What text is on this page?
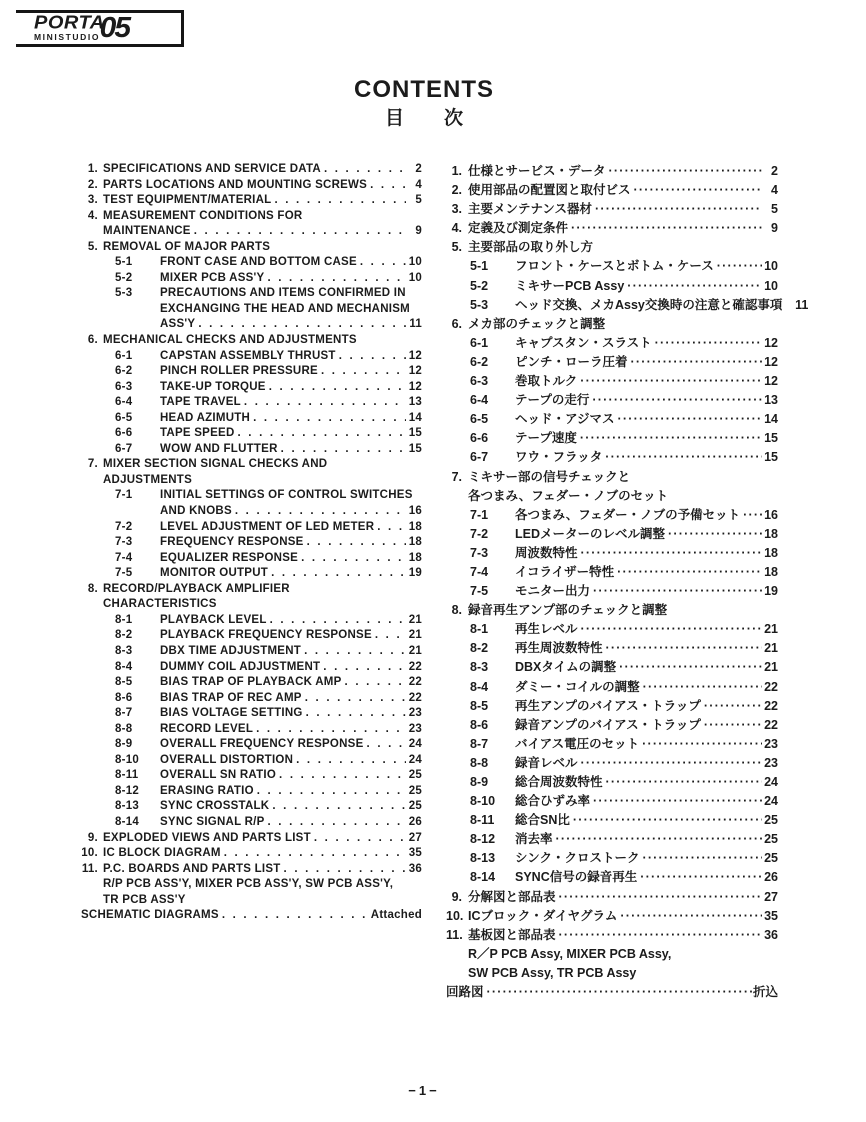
PORTA
MINISTUDIO 05
CONTENTS
目次
1. SPECIFICATIONS AND SERVICE DATA . . .	2
2. PARTS LOCATIONS AND MOUNTING SCREWS . . .	4
3. TEST EQUIPMENT/MATERIAL . . .	5
4. MEASUREMENT CONDITIONS FOR
MAINTENANCE . . .	9
5. REMOVAL OF MAJOR PARTS
5-1	FRONT CASE AND BOTTOM CASE . . .	10
5-2	MIXER PCB ASS'Y . . .	10
5-3	PRECAUTIONS AND ITEMS CONFIRMED IN
EXCHANGING THE HEAD AND MECHANISM
ASS'Y . . .	11
6. MECHANICAL CHECKS AND ADJUSTMENTS
6-1	CAPSTAN ASSEMBLY THRUST . . .	12
6-2	PINCH ROLLER PRESSURE . . .	12
6-3	TAKE-UP TORQUE . . .	12
6-4	TAPE TRAVEL . . .	13
6-5	HEAD AZIMUTH . . .	14
6-6	TAPE SPEED . . .	15
6-7	WOW AND FLUTTER . . .	15
7. MIXER SECTION SIGNAL CHECKS AND
ADJUSTMENTS
7-1	INITIAL SETTINGS OF CONTROL SWITCHES
AND KNOBS . . .	16
7-2	LEVEL ADJUSTMENT OF LED METER . . .	18
7-3	FREQUENCY RESPONSE . . .	18
7-4	EQUALIZER RESPONSE . . .	18
7-5	MONITOR OUTPUT . . .	19
8. RECORD/PLAYBACK AMPLIFIER
CHARACTERISTICS
8-1	PLAYBACK LEVEL . . .	21
8-2	PLAYBACK FREQUENCY RESPONSE . . .	21
8-3	DBX TIME ADJUSTMENT . . .	21
8-4	DUMMY COIL ADJUSTMENT . . .	22
8-5	BIAS TRAP OF PLAYBACK AMP . . .	22
8-6	BIAS TRAP OF REC AMP . . .	22
8-7	BIAS VOLTAGE SETTING . . .	23
8-8	RECORD LEVEL . . .	23
8-9	OVERALL FREQUENCY RESPONSE . . .	24
8-10	OVERALL DISTORTION . . .	24
8-11	OVERALL SN RATIO . . .	25
8-12	ERASING RATIO . . .	25
8-13	SYNC CROSSTALK . . .	25
8-14	SYNC SIGNAL R/P . . .	26
9. EXPLODED VIEWS AND PARTS LIST . . .	27
10. IC BLOCK DIAGRAM . . .	35
11. P.C. BOARDS AND PARTS LIST . . .	36
R/P PCB ASS'Y, MIXER PCB ASS'Y, SW PCB ASS'Y,
TR PCB ASS'Y
SCHEMATIC DIAGRAMS . . .	Attached
1. 仕様とサービス・データ ·····	2
2. 使用部品の配置図と取付ビス ·····	4
3. 主要メンテナンス器材 ·····	5
4. 定義及び測定条件 ·····	9
5. 主要部品の取り外し方
5-1	フロント・ケースとボトム・ケース ·····	10
5-2	ミキサーPCB Assy ·····	10
5-3	ヘッド交換、メカAssy交換時の注意と確認事項 11
6. メカ部のチェックと調整
6-1	キャプスタン・スラスト ·····	12
6-2	ピンチ・ローラ圧着 ·····	12
6-3	巻取トルク ·····	12
6-4	テープの走行 ·····	13
6-5	ヘッド・アジマス ·····	14
6-6	テープ速度 ·····	15
6-7	ワウ・フラッタ ·····	15
7. ミキサー部の信号チェックと
各つまみ、フェダー・ノブのセット
7-1	各つまみ、フェダー・ノブの予備セット ····· 16
7-2	LEDメーターのレベル調整 ·····	18
7-3	周波数特性 ·····	18
7-4	イコライザー特性 ·····	18
7-5	モニター出力 ·····	19
8. 録音再生アンプ部のチェックと調整
8-1	再生レベル ·····	21
8-2	再生周波数特性 ·····	21
8-3	DBXタイムの調整 ·····	21
8-4	ダミー・コイルの調整 ·····	22
8-5	再生アンプのバイアス・トラップ ·····	22
8-6	録音アンプのバイアス・トラップ ·····	22
8-7	バイアス電圧のセット ·····	23
8-8	録音レベル ·····	23
8-9	総合周波数特性 ·····	24
8-10	総合ひずみ率 ·····	24
8-11	総合SN比 ·····	25
8-12	消去率 ·····	25
8-13	シンク・クロストーク ·····	25
8-14	SYNC信号の録音再生 ·····	26
9. 分解図と部品表 ·····	27
10. ICブロック・ダイヤグラム ·····	35
11. 基板図と部品表 ·····	36
R／P PCB Assy, MIXER PCB Assy,
SW PCB Assy, TR PCB Assy
回路図 ·····	折込
−1−
